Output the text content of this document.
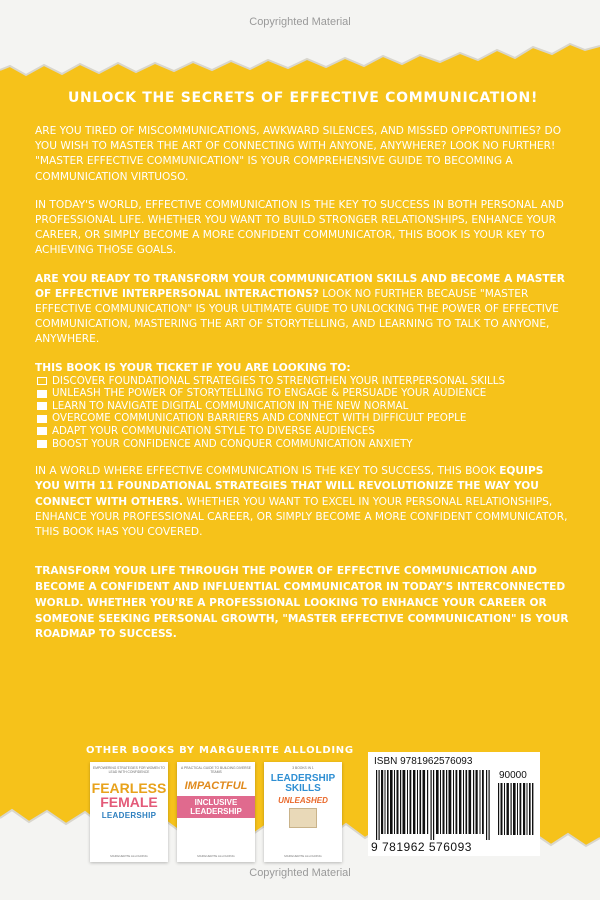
Copyrighted Material
Copyrighted Material
UNLOCK THE SECRETS OF EFFECTIVE COMMUNICATION!

ARE YOU TIRED OF MISCOMMUNICATIONS, AWKWARD SILENCES, AND MISSED OPPORTUNITIES? DO YOU WISH TO MASTER THE ART OF CONNECTING WITH ANYONE, ANYWHERE? LOOK NO FURTHER! "MASTER EFFECTIVE COMMUNICATION" IS YOUR COMPREHENSIVE GUIDE TO BECOMING A COMMUNICATION VIRTUOSO.

IN TODAY'S WORLD, EFFECTIVE COMMUNICATION IS THE KEY TO SUCCESS IN BOTH PERSONAL AND PROFESSIONAL LIFE. WHETHER YOU WANT TO BUILD STRONGER RELATIONSHIPS, ENHANCE YOUR CAREER, OR SIMPLY BECOME A MORE CONFIDENT COMMUNICATOR, THIS BOOK IS YOUR KEY TO ACHIEVING THOSE GOALS.

ARE YOU READY TO TRANSFORM YOUR COMMUNICATION SKILLS AND BECOME A MASTER OF EFFECTIVE INTERPERSONAL INTERACTIONS? LOOK NO FURTHER BECAUSE "MASTER EFFECTIVE COMMUNICATION" IS YOUR ULTIMATE GUIDE TO UNLOCKING THE POWER OF EFFECTIVE COMMUNICATION, MASTERING THE ART OF STORYTELLING, AND LEARNING TO TALK TO ANYONE, ANYWHERE.

THIS BOOK IS YOUR TICKET IF YOU ARE LOOKING TO:
DISCOVER FOUNDATIONAL STRATEGIES TO STRENGTHEN YOUR INTERPERSONAL SKILLS
UNLEASH THE POWER OF STORYTELLING TO ENGAGE & PERSUADE YOUR AUDIENCE
LEARN TO NAVIGATE DIGITAL COMMUNICATION IN THE NEW NORMAL
OVERCOME COMMUNICATION BARRIERS AND CONNECT WITH DIFFICULT PEOPLE
ADAPT YOUR COMMUNICATION STYLE TO DIVERSE AUDIENCES
BOOST YOUR CONFIDENCE AND CONQUER COMMUNICATION ANXIETY

IN A WORLD WHERE EFFECTIVE COMMUNICATION IS THE KEY TO SUCCESS, THIS BOOK EQUIPS YOU WITH 11 FOUNDATIONAL STRATEGIES THAT WILL REVOLUTIONIZE THE WAY YOU CONNECT WITH OTHERS. WHETHER YOU WANT TO EXCEL IN YOUR PERSONAL RELATIONSHIPS, ENHANCE YOUR PROFESSIONAL CAREER, OR SIMPLY BECOME A MORE CONFIDENT COMMUNICATOR, THIS BOOK HAS YOU COVERED.

TRANSFORM YOUR LIFE THROUGH THE POWER OF EFFECTIVE COMMUNICATION AND BECOME A CONFIDENT AND INFLUENTIAL COMMUNICATOR IN TODAY'S INTERCONNECTED WORLD. WHETHER YOU'RE A PROFESSIONAL LOOKING TO ENHANCE YOUR CAREER OR SOMEONE SEEKING PERSONAL GROWTH, "MASTER EFFECTIVE COMMUNICATION" IS YOUR ROADMAP TO SUCCESS.
OTHER BOOKS BY MARGUERITE ALLOLDING
EMPOWERING STRATEGIES FOR WOMEN TO LEAD WITH CONFIDENCE
FEARLESS
FEMALE
LEADERSHIP
MARGUERITE ALLOLDING
A PRACTICAL GUIDE TO BUILDING DIVERSE TEAMS
IMPACTFUL
INCLUSIVE LEADERSHIP
MARGUERITE ALLOLDING
3 BOOKS IN 1
LEADERSHIP SKILLS
UNLEASHED
MARGUERITE ALLOLDING
ISBN 9781962576093
90000
9 781962 576093
